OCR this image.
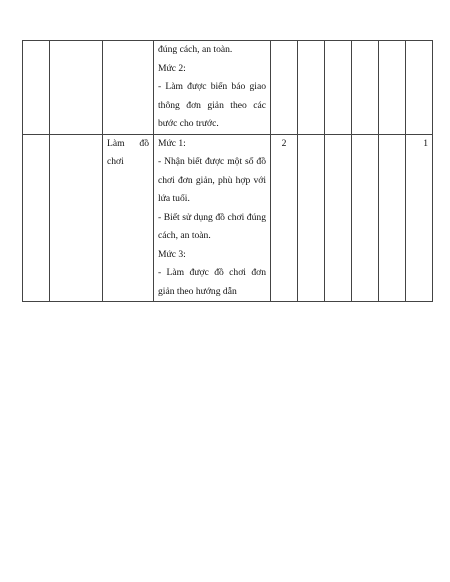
			đúng cách, an toàn.
Mức 2:
- Làm được biển báo giao thông đơn giản theo các bước cho trước.						

		Làm đồ
chơi	Mức 1:
- Nhận biết được một số đồ chơi đơn giản, phù hợp với lứa tuổi.
- Biết sử dụng đồ chơi đúng cách, an toàn.
Mức 3:
- Làm được đồ chơi đơn giản theo hướng dẫn	2					1
